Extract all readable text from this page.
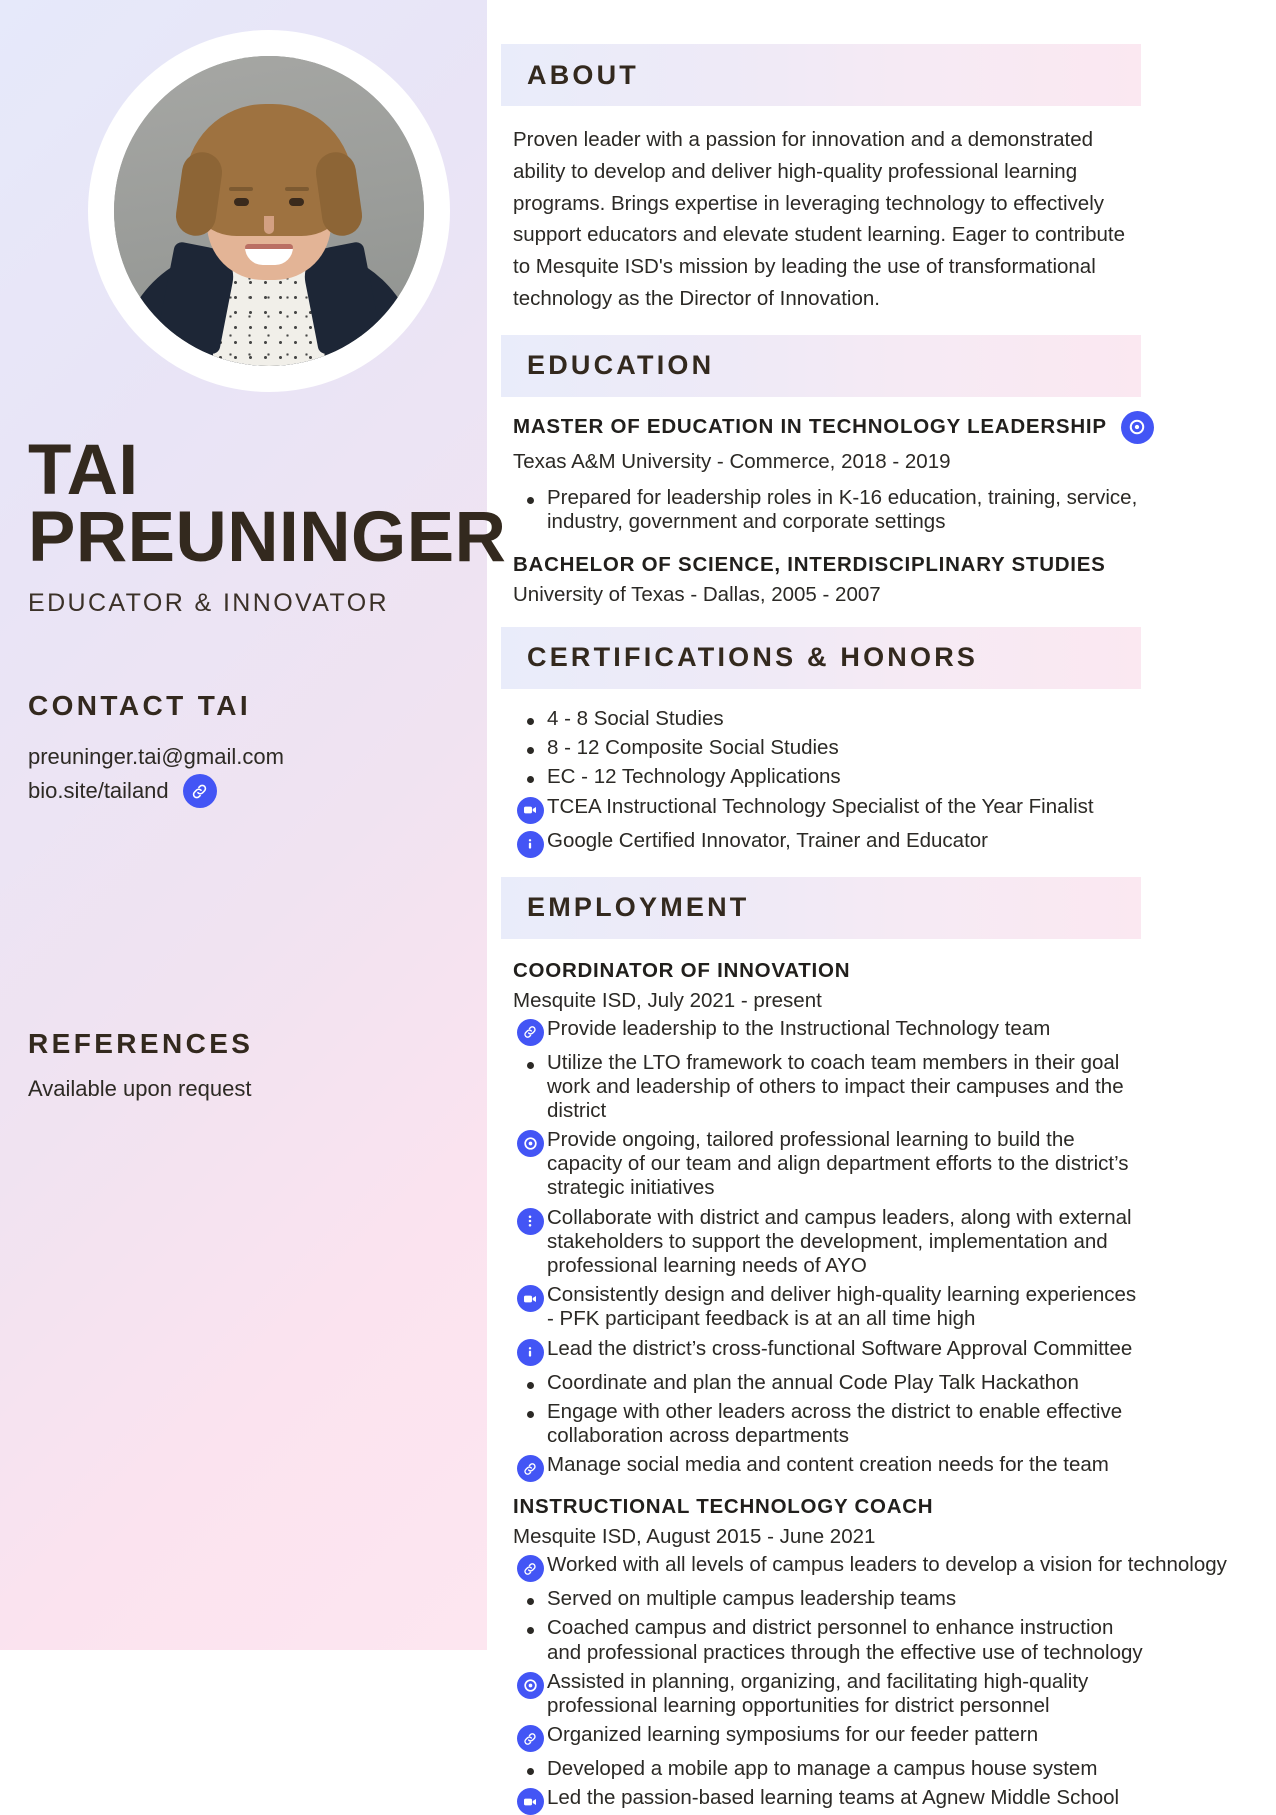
TAI
PREUNINGER
EDUCATOR & INNOVATOR
CONTACT TAI
preuninger.tai@gmail.com
bio.site/tailand
REFERENCES
Available upon request
ABOUT

Proven leader with a passion for innovation and a demonstrated ability to develop and deliver high-quality professional learning programs. Brings expertise in leveraging technology to effectively support educators and elevate student learning. Eager to contribute to Mesquite ISD's mission by leading the use of transformational technology as the Director of Innovation.

EDUCATION
MASTER OF EDUCATION IN TECHNOLOGY LEADERSHIP
Texas A&M University - Commerce, 2018 - 2019
Prepared for leadership roles in K-16 education, training, service, industry, government and corporate settings
BACHELOR OF SCIENCE, INTERDISCIPLINARY STUDIES
University of Texas - Dallas, 2005 - 2007
CERTIFICATIONS & HONORS
4 - 8 Social Studies
8 - 12 Composite Social Studies
EC - 12 Technology Applications
TCEA Instructional Technology Specialist of the Year Finalist
Google Certified Innovator, Trainer and Educator
EMPLOYMENT
COORDINATOR OF INNOVATION
Mesquite ISD, July 2021 - present
Provide leadership to the Instructional Technology team
Utilize the LTO framework to coach team members in their goal work and leadership of others to impact their campuses and the district
Provide ongoing, tailored professional learning to build the capacity of our team and align department efforts to the district’s strategic initiatives
Collaborate with district and campus leaders, along with external stakeholders to support the development, implementation and professional learning needs of AYO
Consistently design and deliver high-quality learning experiences - PFK participant feedback is at an all time high
Lead the district’s cross-functional Software Approval Committee
Coordinate and plan the annual Code Play Talk Hackathon
Engage with other leaders across the district to enable effective collaboration across departments
Manage social media and content creation needs for the team
INSTRUCTIONAL TECHNOLOGY COACH
Mesquite ISD, August 2015 - June 2021
Worked with all levels of campus leaders to develop a vision for technology
Served on multiple campus leadership teams
Coached campus and district personnel to enhance instruction and professional practices through the effective use of technology
Assisted in planning, organizing, and facilitating high-quality professional learning opportunities for district personnel
Organized learning symposiums for our feeder pattern
Developed a mobile app to manage a campus house system
Led the passion-based learning teams at Agnew Middle School
